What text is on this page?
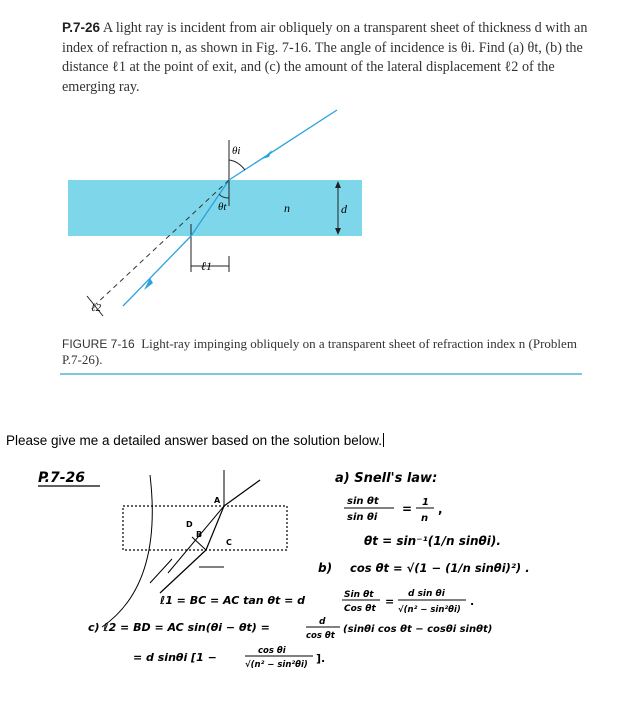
P.7-26 A light ray is incident from air obliquely on a transparent sheet of thickness d with an index of refraction n, as shown in Fig. 7-16. The angle of incidence is θi. Find (a) θt, (b) the distance ℓ1 at the point of exit, and (c) the amount of the lateral displacement ℓ2 of the emerging ray.
θi
θt	n	d
ℓ1
ℓ2
FIGURE 7-16 Light-ray impinging obliquely on a transparent sheet of refraction index n (Problem P.7-26).
Please give me a detailed answer based on the solution below.
P.7-26
A
B
C
D
a) Snell's law:
sin θt
sin θi
= 1
n
,
θt = sin⁻¹(1/n sinθi).
b) cos θt = √(1 − (1/n sinθi)²) .
ℓ1 = BC = AC tan θt = d	Sin θt
Cos θt
=
d sin θi
√(n² − sin²θi)
.
c) ℓ2 = BD = AC sin(θi − θt) =	d
cos θt
(sinθi cos θt − cosθi sinθt)
= d sinθi [1 −	cos θi
√(n² − sin²θi) ].
